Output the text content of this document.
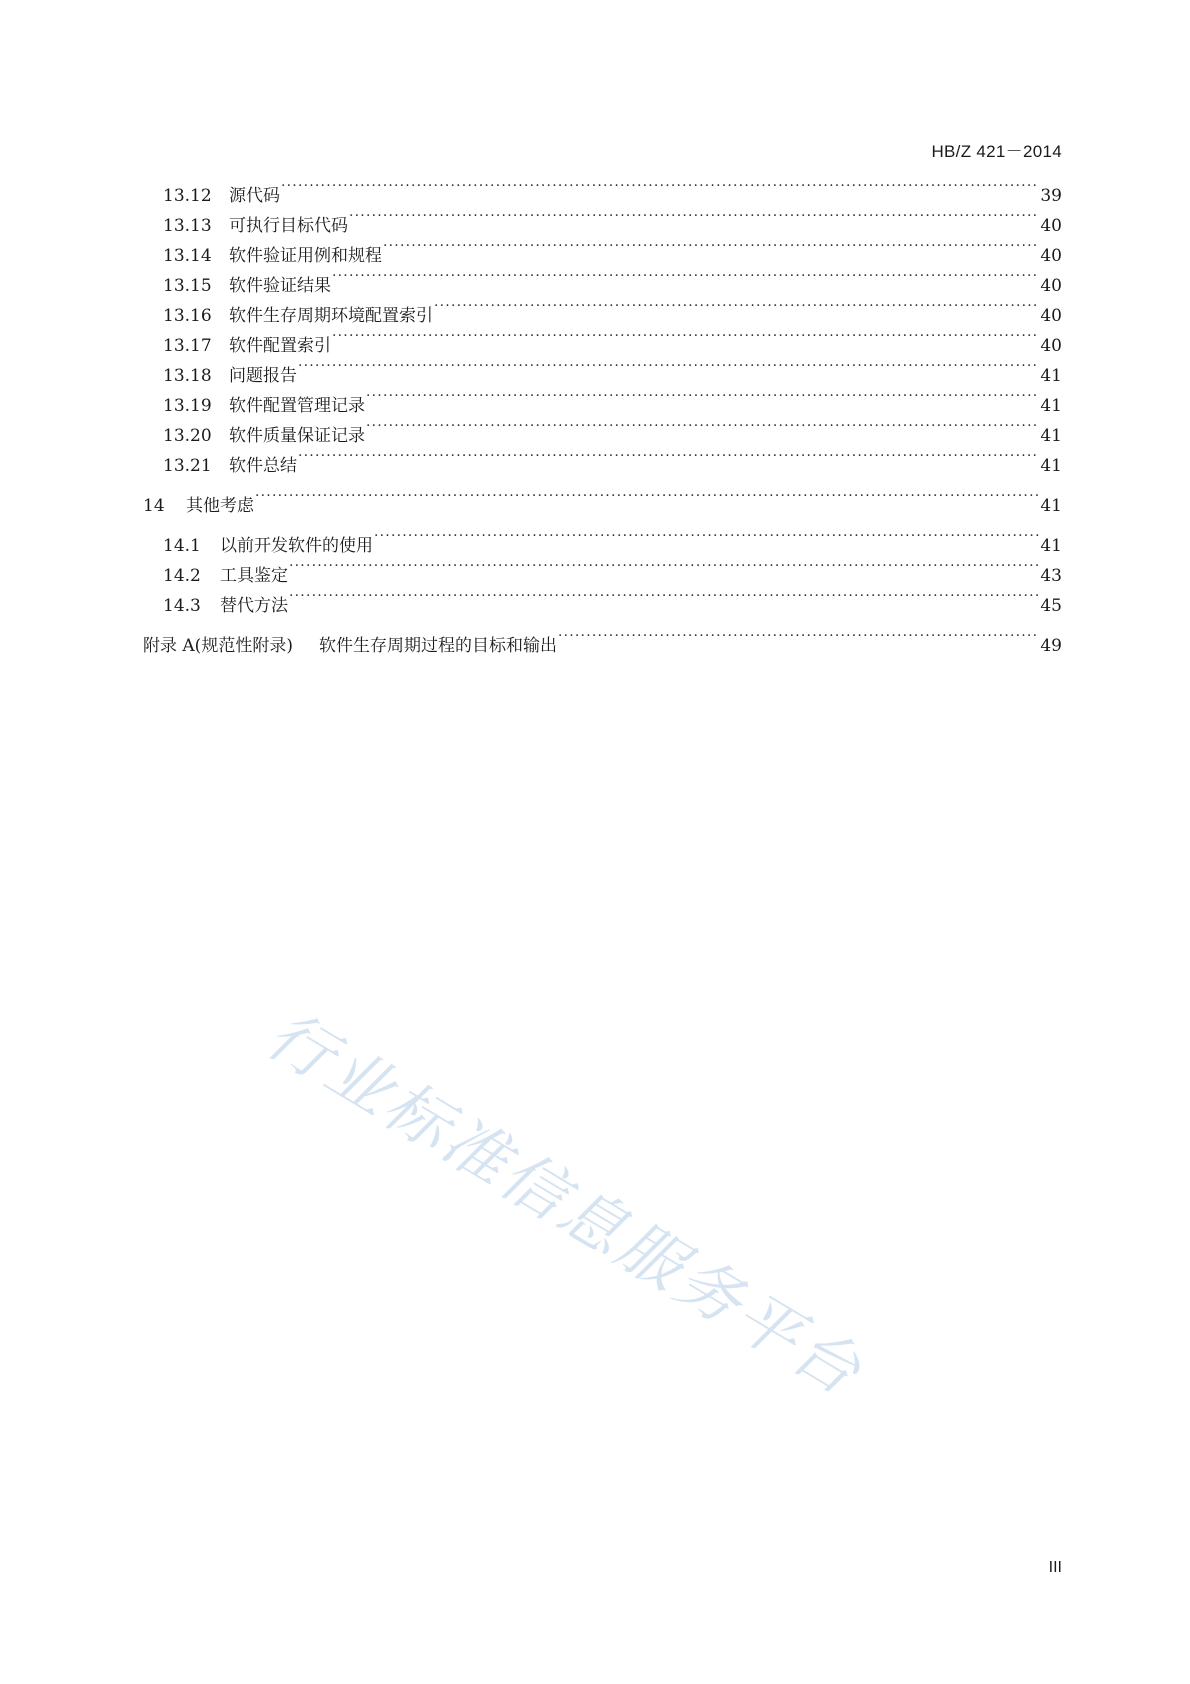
HB/Z 421－2014
13.12	源代码 ·····	39
13.13	可执行目标代码 ·····	40
13.14	软件验证用例和规程 ·····	40
13.15	软件验证结果 ·····	40
13.16	软件生存周期环境配置索引 ·····	40
13.17	软件配置索引 ·····	40
13.18	问题报告 ·····	41
13.19	软件配置管理记录 ·····	41
13.20	软件质量保证记录 ·····	41
13.21	软件总结 ·····	41
14	其他考虑 ·····	41
14.1	以前开发软件的使用 ·····	41
14.2	工具鉴定 ·····	43
14.3	替代方法 ·····	45
附录 A(规范性附录) 软件生存周期过程的目标和输出 ·····	49
行业标准信息服务平台
III
